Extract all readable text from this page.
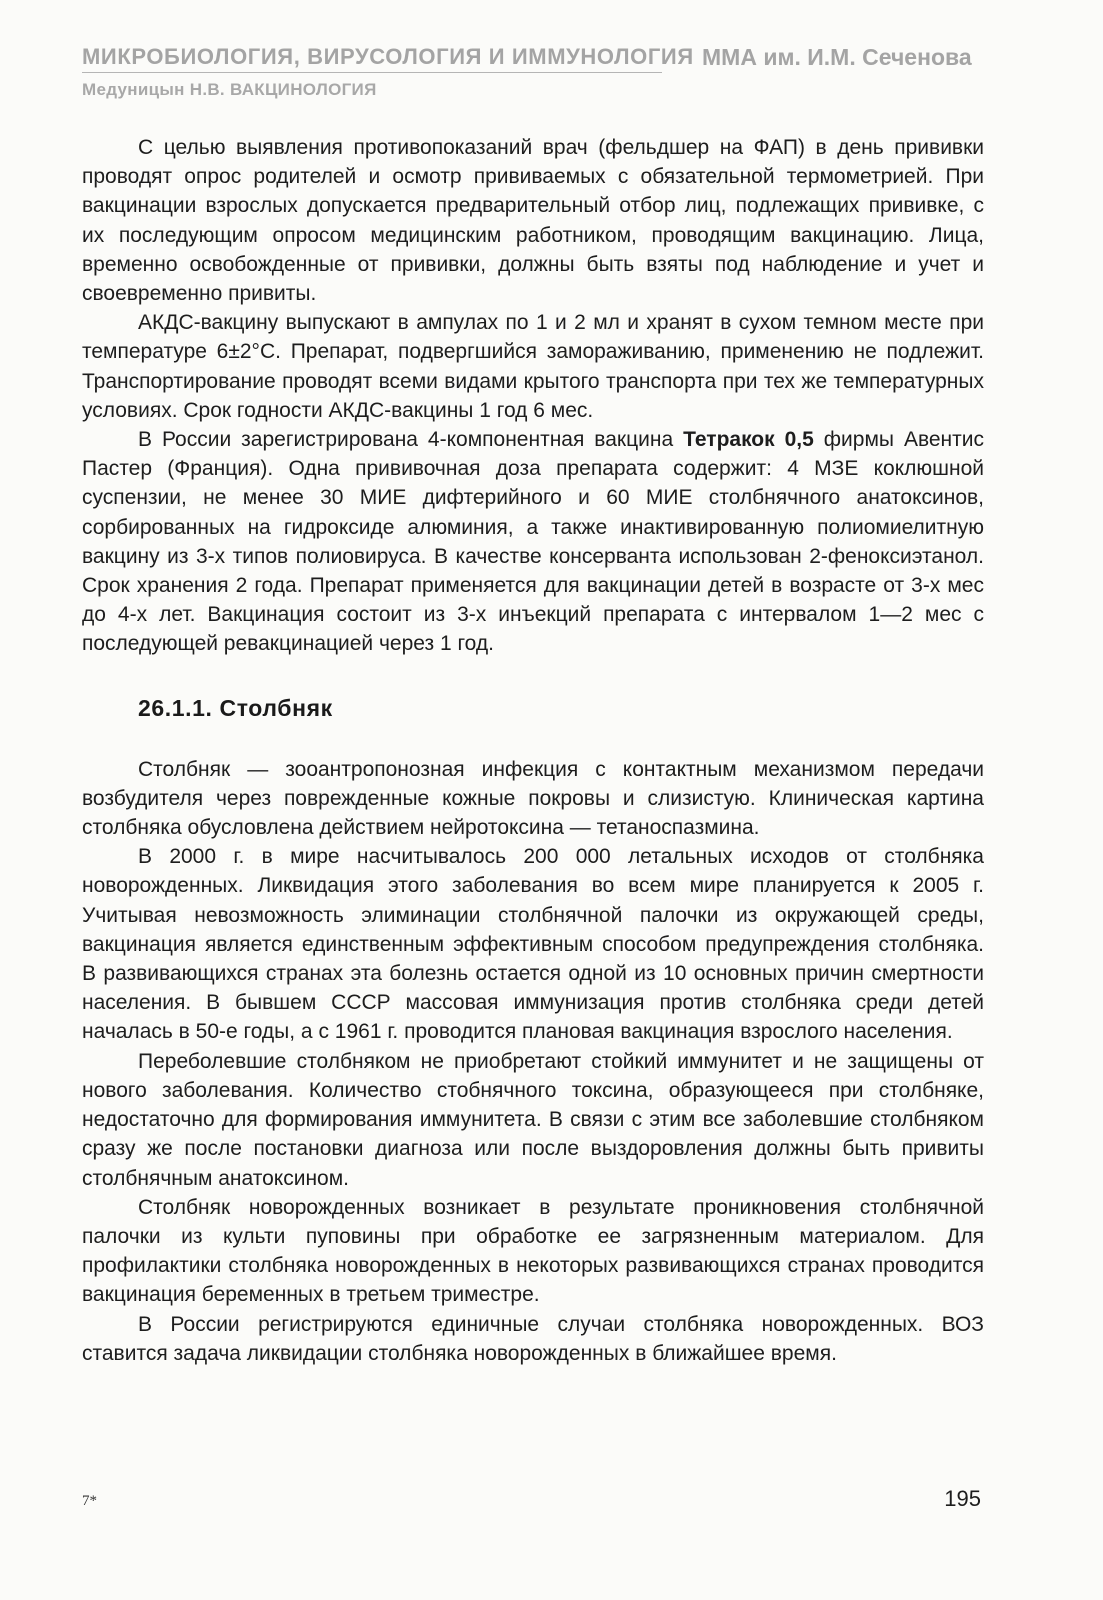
МИКРОБИОЛОГИЯ, ВИРУСОЛОГИЯ И ИММУНОЛОГИЯ ММА им. И.М. Сеченова
Медуницын Н.В. ВАКЦИНОЛОГИЯ

С целью выявления противопоказаний врач (фельдшер на ФАП) в день прививки проводят опрос родителей и осмотр прививаемых с обязательной термометрией. При вакцинации взрослых допускается предварительный отбор лиц, подлежащих прививке, с их последующим опросом медицинским работником, проводящим вакцинацию. Лица, временно освобожденные от прививки, должны быть взяты под наблюдение и учет и своевременно привиты.

АКДС-вакцину выпускают в ампулах по 1 и 2 мл и хранят в сухом темном месте при температуре 6±2°С. Препарат, подвергшийся замораживанию, применению не подлежит. Транспортирование проводят всеми видами крытого транспорта при тех же температурных условиях. Срок годности АКДС-вакцины 1 год 6 мес.

В России зарегистрирована 4-компонентная вакцина Тетракок 0,5 фирмы Авентис Пастер (Франция). Одна прививочная доза препарата содержит: 4 МЗЕ коклюшной суспензии, не менее 30 МИЕ дифтерийного и 60 МИЕ столбнячного анатоксинов, сорбированных на гидроксиде алюминия, а также инактивированную полиомиелитную вакцину из 3-х типов полиовируса. В качестве консерванта использован 2-феноксиэтанол. Срок хранения 2 года. Препарат применяется для вакцинации детей в возрасте от 3-х мес до 4-х лет. Вакцинация состоит из 3-х инъекций препарата с интервалом 1—2 мес с последующей ревакцинацией через 1 год.

26.1.1. Столбняк

Столбняк — зооантропонозная инфекция с контактным механизмом передачи возбудителя через поврежденные кожные покровы и слизистую. Клиническая картина столбняка обусловлена действием нейротоксина — тетаноспазмина.

В 2000 г. в мире насчитывалось 200 000 летальных исходов от столбняка новорожденных. Ликвидация этого заболевания во всем мире планируется к 2005 г. Учитывая невозможность элиминации столбнячной палочки из окружающей среды, вакцинация является единственным эффективным способом предупреждения столбняка. В развивающихся странах эта болезнь остается одной из 10 основных причин смертности населения. В бывшем СССР массовая иммунизация против столбняка среди детей началась в 50-е годы, а с 1961 г. проводится плановая вакцинация взрослого населения.

Переболевшие столбняком не приобретают стойкий иммунитет и не защищены от нового заболевания. Количество стобнячного токсина, образующееся при столбняке, недостаточно для формирования иммунитета. В связи с этим все заболевшие столбняком сразу же после постановки диагноза или после выздоровления должны быть привиты столбнячным анатоксином.

Столбняк новорожденных возникает в результате проникновения столбнячной палочки из культи пуповины при обработке ее загрязненным материалом. Для профилактики столбняка новорожденных в некоторых развивающихся странах проводится вакцинация беременных в третьем триместре.

В России регистрируются единичные случаи столбняка новорожденных. ВОЗ ставится задача ликвидации столбняка новорожденных в ближайшее время.

7*	195
